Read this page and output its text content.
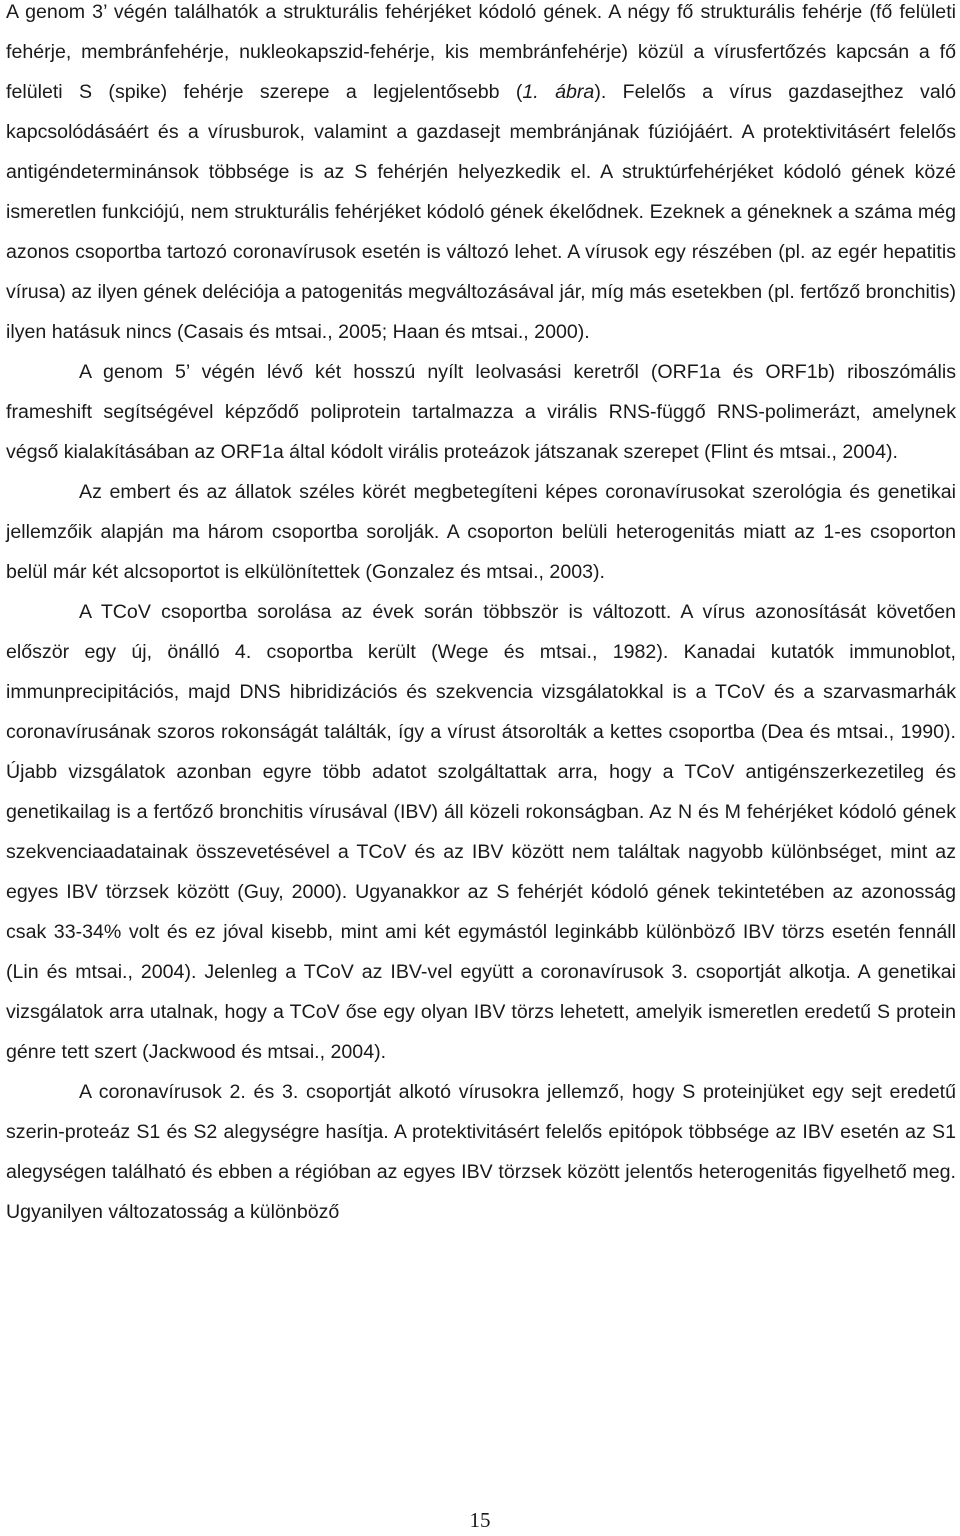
A genom 3’ végén találhatók a strukturális fehérjéket kódoló gének. A négy fő strukturális fehérje (fő felületi fehérje, membránfehérje, nukleokapszid-fehérje, kis membránfehérje) közül a vírusfertőzés kapcsán a fő felületi S (spike) fehérje szerepe a legjelentősebb (1. ábra). Felelős a vírus gazdasejthez való kapcsolódásáért és a vírusburok, valamint a gazdasejt membránjának fúziójáért. A protektivitásért felelős antigéndeterminánsok többsége is az S fehérjén helyezkedik el. A struktúrfehérjéket kódoló gének közé ismeretlen funkciójú, nem strukturális fehérjéket kódoló gének ékelődnek. Ezeknek a géneknek a száma még azonos csoportba tartozó coronavírusok esetén is változó lehet. A vírusok egy részében (pl. az egér hepatitis vírusa) az ilyen gének deléciója a patogenitás megváltozásával jár, míg más esetekben (pl. fertőző bronchitis) ilyen hatásuk nincs (Casais és mtsai., 2005; Haan és mtsai., 2000).

A genom 5’ végén lévő két hosszú nyílt leolvasási keretről (ORF1a és ORF1b) riboszómális frameshift segítségével képződő poliprotein tartalmazza a virális RNS-függő RNS-polimerázt, amelynek végső kialakításában az ORF1a által kódolt virális proteázok játszanak szerepet (Flint és mtsai., 2004).

Az embert és az állatok széles körét megbetegíteni képes coronavírusokat szerológia és genetikai jellemzőik alapján ma három csoportba sorolják. A csoporton belüli heterogenitás miatt az 1-es csoporton belül már két alcsoportot is elkülönítettek (Gonzalez és mtsai., 2003).

A TCoV csoportba sorolása az évek során többször is változott. A vírus azonosítását követően először egy új, önálló 4. csoportba került (Wege és mtsai., 1982). Kanadai kutatók immunoblot, immunprecipitációs, majd DNS hibridizációs és szekvencia vizsgálatokkal is a TCoV és a szarvasmarhák coronavírusának szoros rokonságát találták, így a vírust átsorolták a kettes csoportba (Dea és mtsai., 1990). Újabb vizsgálatok azonban egyre több adatot szolgáltattak arra, hogy a TCoV antigénszerkezetileg és genetikailag is a fertőző bronchitis vírusával (IBV) áll közeli rokonságban. Az N és M fehérjéket kódoló gének szekvenciaadatainak összevetésével a TCoV és az IBV között nem találtak nagyobb különbséget, mint az egyes IBV törzsek között (Guy, 2000). Ugyanakkor az S fehérjét kódoló gének tekintetében az azonosság csak 33-34% volt és ez jóval kisebb, mint ami két egymástól leginkább különböző IBV törzs esetén fennáll (Lin és mtsai., 2004). Jelenleg a TCoV az IBV-vel együtt a coronavírusok 3. csoportját alkotja. A genetikai vizsgálatok arra utalnak, hogy a TCoV őse egy olyan IBV törzs lehetett, amelyik ismeretlen eredetű S protein génre tett szert (Jackwood és mtsai., 2004).

A coronavírusok 2. és 3. csoportját alkotó vírusokra jellemző, hogy S proteinjüket egy sejt eredetű szerin-proteáz S1 és S2 alegységre hasítja. A protektivitásért felelős epitópok többsége az IBV esetén az S1 alegységen található és ebben a régióban az egyes IBV törzsek között jelentős heterogenitás figyelhető meg. Ugyanilyen változatosság a különböző

15
